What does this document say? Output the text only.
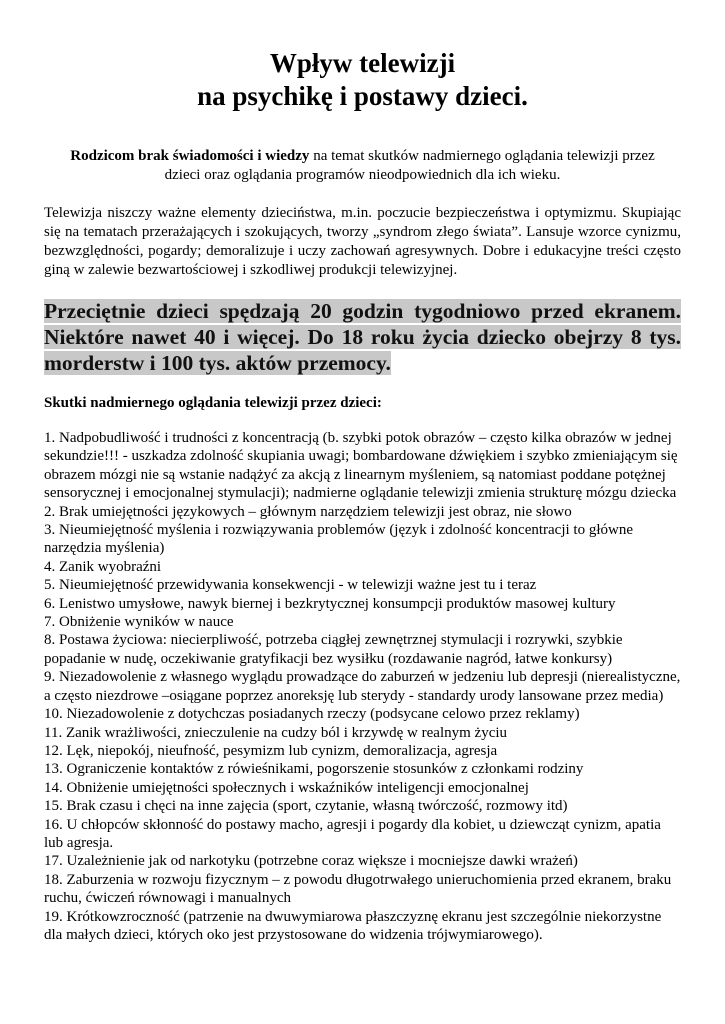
Wpływ telewizji
na psychikę i postawy dzieci.

Rodzicom brak świadomości i wiedzy na temat skutków nadmiernego oglądania telewizji przez dzieci oraz oglądania programów nieodpowiednich dla ich wieku.

Telewizja niszczy ważne elementy dzieciństwa, m.in. poczucie bezpieczeństwa i optymizmu. Skupiając się na tematach przerażających i szokujących, tworzy „syndrom złego świata”. Lansuje wzorce cynizmu, bezwzględności, pogardy; demoralizuje i uczy zachowań agresywnych. Dobre i edukacyjne treści często giną w zalewie bezwartościowej i szkodliwej produkcji telewizyjnej.

Przeciętnie dzieci spędzają 20 godzin tygodniowo przed ekranem. Niektóre nawet 40 i więcej. Do 18 roku życia dziecko obejrzy 8 tys. morderstw i 100 tys. aktów przemocy.

Skutki nadmiernego oglądania telewizji przez dzieci:

1. Nadpobudliwość i trudności z koncentracją (b. szybki potok obrazów – często kilka obrazów w jednej sekundzie!!! - uszkadza zdolność skupiania uwagi; bombardowane dźwiękiem i szybko zmieniającym się obrazem mózgi nie są wstanie nadążyć za akcją z linearnym myśleniem, są natomiast poddane potężnej sensorycznej i emocjonalnej stymulacji); nadmierne oglądanie telewizji zmienia strukturę mózgu dziecka
2. Brak umiejętności językowych – głównym narzędziem telewizji jest obraz, nie słowo
3. Nieumiejętność myślenia i rozwiązywania problemów (język i zdolność koncentracji to główne narzędzia myślenia)
4. Zanik wyobraźni
5. Nieumiejętność przewidywania konsekwencji - w telewizji ważne jest tu i teraz
6. Lenistwo umysłowe, nawyk biernej i bezkrytycznej konsumpcji produktów masowej kultury
7. Obniżenie wyników w nauce
8. Postawa życiowa: niecierpliwość, potrzeba ciągłej zewnętrznej stymulacji i rozrywki, szybkie popadanie w nudę, oczekiwanie gratyfikacji bez wysiłku (rozdawanie nagród, łatwe konkursy)
9. Niezadowolenie z własnego wyglądu prowadzące do zaburzeń w jedzeniu lub depresji (nierealistyczne, a często niezdrowe –osiągane poprzez anoreksję lub sterydy - standardy urody lansowane przez media)
10. Niezadowolenie z dotychczas posiadanych rzeczy (podsycane celowo przez reklamy)
11. Zanik wrażliwości, znieczulenie na cudzy ból i krzywdę w realnym życiu
12. Lęk, niepokój, nieufność, pesymizm lub cynizm, demoralizacja, agresja
13. Ograniczenie kontaktów z rówieśnikami, pogorszenie stosunków z członkami rodziny
14. Obniżenie umiejętności społecznych i wskaźników inteligencji emocjonalnej
15. Brak czasu i chęci na inne zajęcia (sport, czytanie, własną twórczość, rozmowy itd)
16. U chłopców skłonność do postawy macho, agresji i pogardy dla kobiet, u dziewcząt cynizm, apatia lub agresja.
17. Uzależnienie jak od narkotyku (potrzebne coraz większe i mocniejsze dawki wrażeń)
18. Zaburzenia w rozwoju fizycznym – z powodu długotrwałego unieruchomienia przed ekranem, braku ruchu, ćwiczeń równowagi i manualnych
19. Krótkowzroczność (patrzenie na dwuwymiarowa płaszczyznę ekranu jest szczególnie niekorzystne dla małych dzieci, których oko jest przystosowane do widzenia trójwymiarowego).
